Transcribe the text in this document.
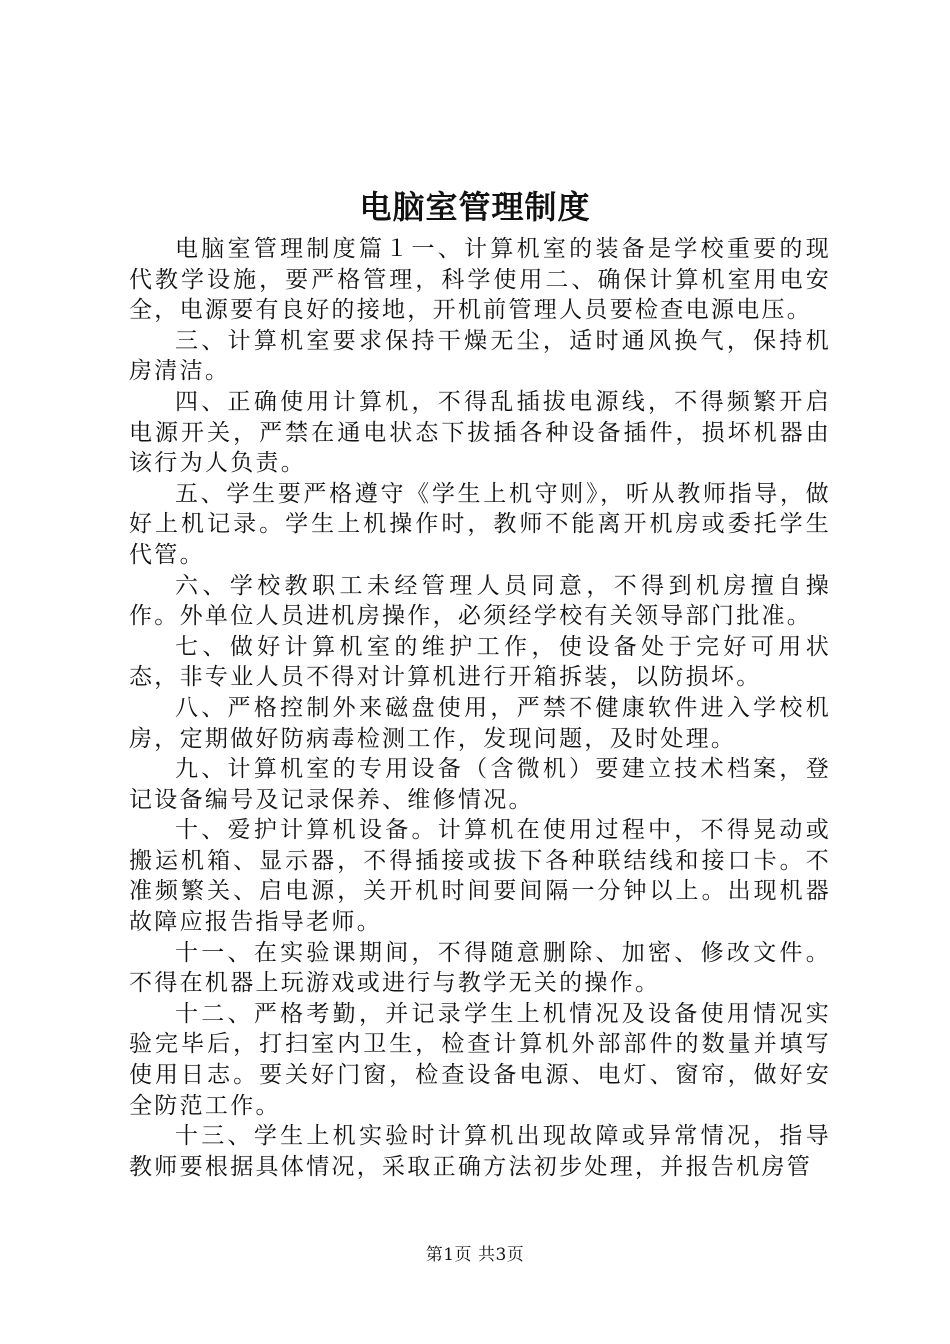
电脑室管理制度

电脑室管理制度篇１一、计算机室的装备是学校重要的现代教学设施，要严格管理，科学使用二、确保计算机室用电安全，电源要有良好的接地，开机前管理人员要检查电源电压。

三、计算机室要求保持干燥无尘，适时通风换气，保持机房清洁。

四、正确使用计算机，不得乱插拔电源线，不得频繁开启电源开关，严禁在通电状态下拔插各种设备插件，损坏机器由该行为人负责。

五、学生要严格遵守《学生上机守则》，听从教师指导，做好上机记录。学生上机操作时，教师不能离开机房或委托学生代管。

六、学校教职工未经管理人员同意，不得到机房擅自操作。外单位人员进机房操作，必须经学校有关领导部门批准。

七、做好计算机室的维护工作，使设备处于完好可用状态，非专业人员不得对计算机进行开箱拆装，以防损坏。

八、严格控制外来磁盘使用，严禁不健康软件进入学校机房，定期做好防病毒检测工作，发现问题，及时处理。

九、计算机室的专用设备（含微机）要建立技术档案，登记设备编号及记录保养、维修情况。

十、爱护计算机设备。计算机在使用过程中，不得晃动或搬运机箱、显示器，不得插接或拔下各种联结线和接口卡。不准频繁关、启电源，关开机时间要间隔一分钟以上。出现机器故障应报告指导老师。

十一、在实验课期间，不得随意删除、加密、修改文件。不得在机器上玩游戏或进行与教学无关的操作。

十二、严格考勤，并记录学生上机情况及设备使用情况实验完毕后，打扫室内卫生，检查计算机外部部件的数量并填写使用日志。要关好门窗，检查设备电源、电灯、窗帘，做好安全防范工作。

十三、学生上机实验时计算机出现故障或异常情况，指导教师要根据具体情况，采取正确方法初步处理，并报告机房管

第1页 共3页
